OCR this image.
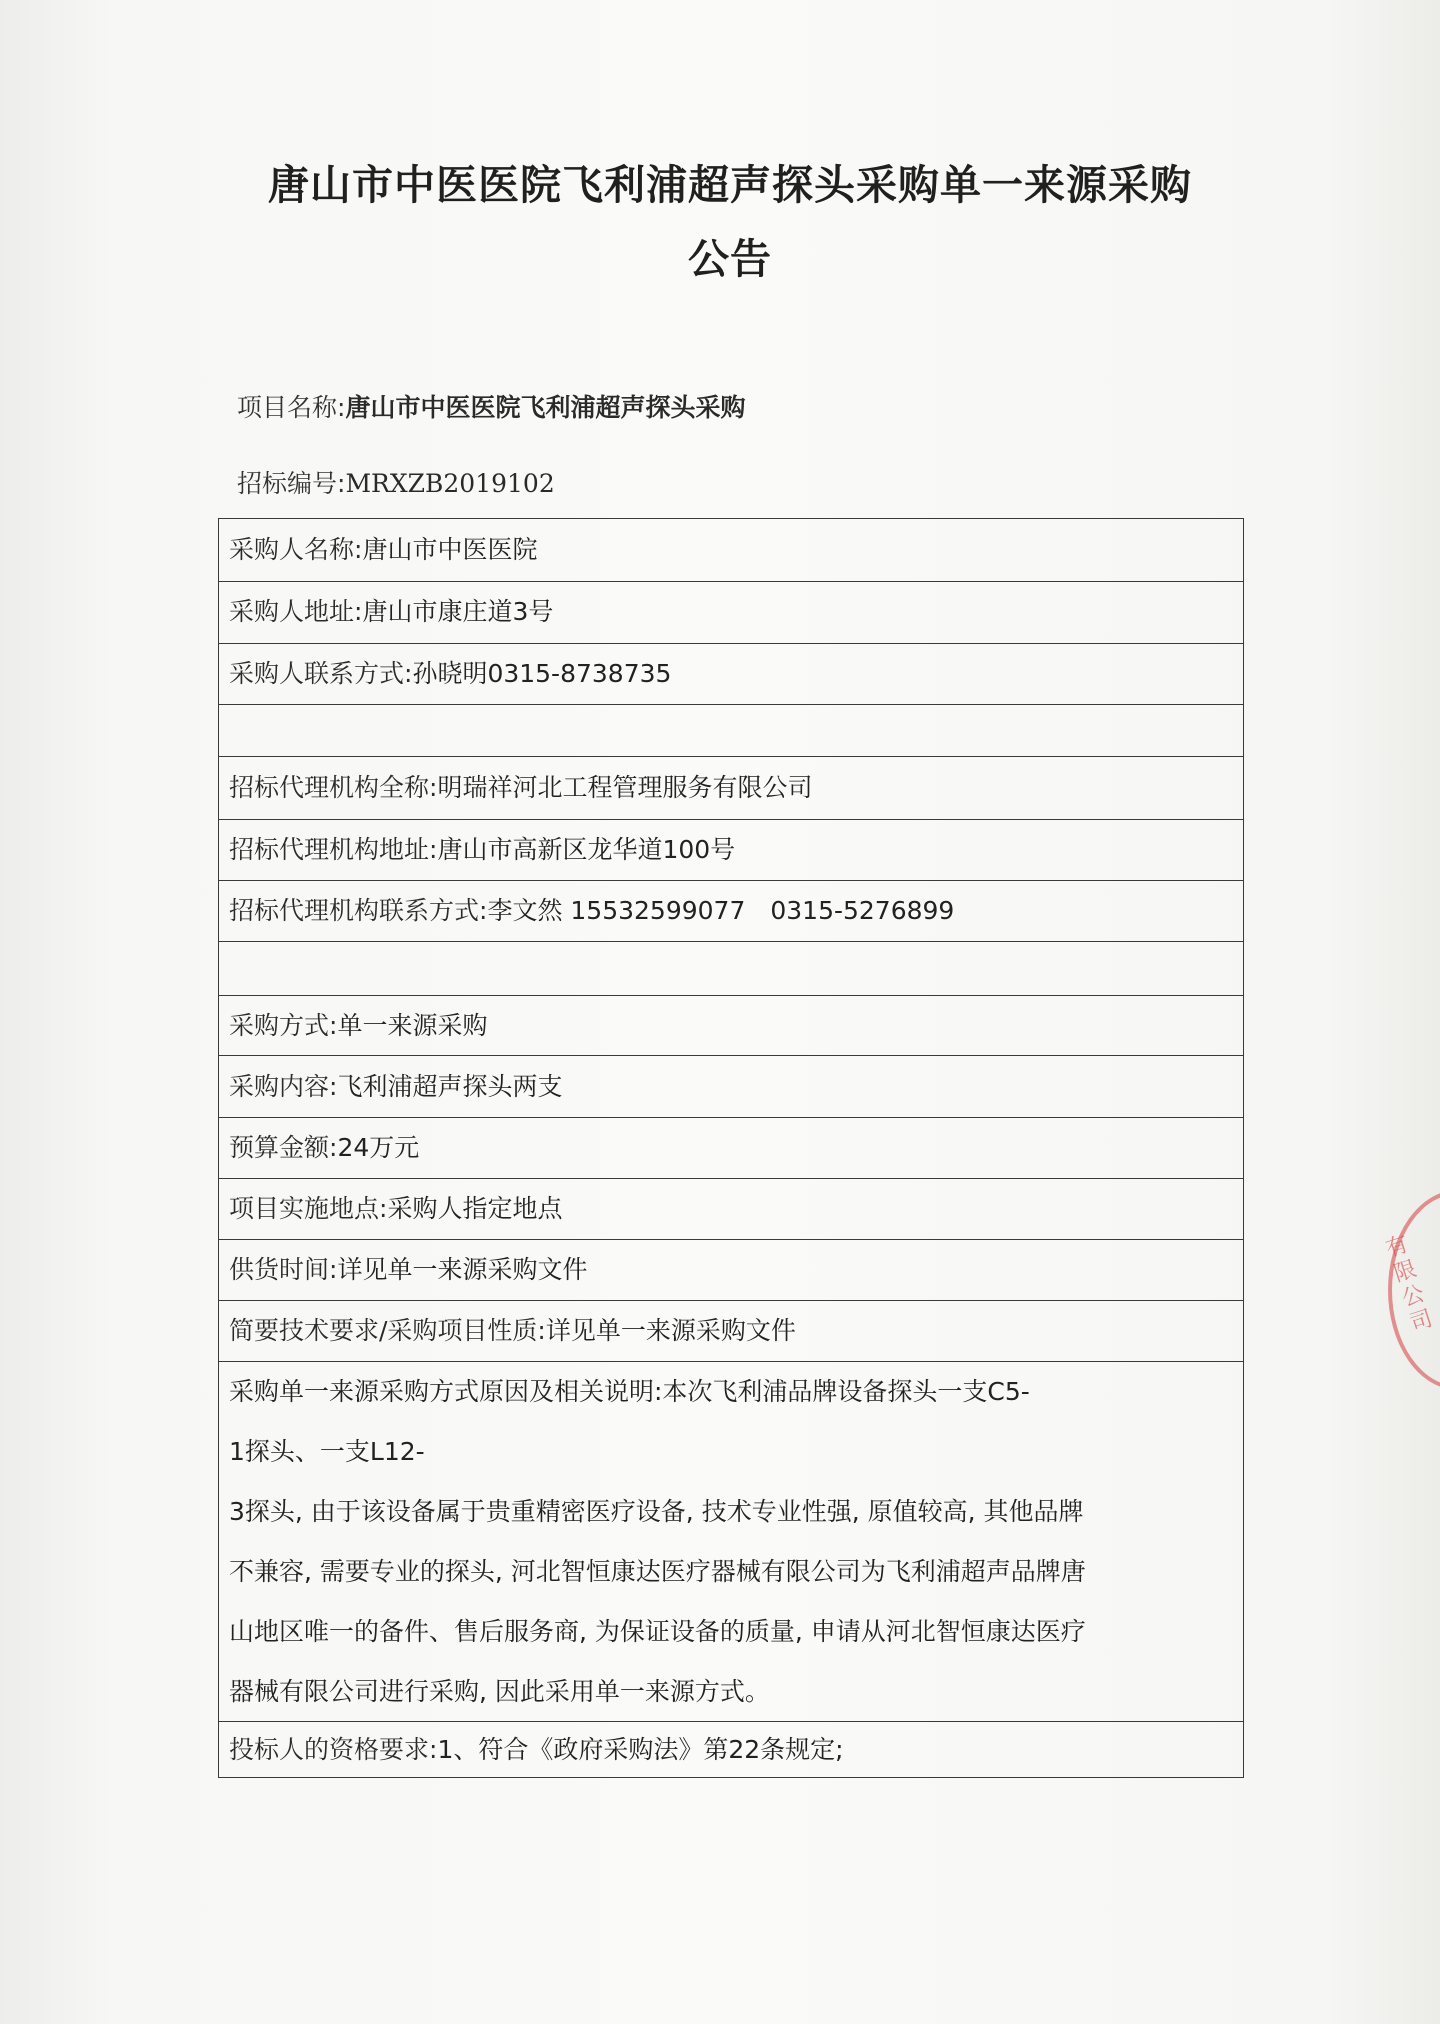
唐山市中医医院飞利浦超声探头采购单一来源采购
公告
项目名称:唐山市中医医院飞利浦超声探头采购
招标编号:MRXZB2019102
采购人名称:唐山市中医医院
采购人地址:唐山市康庄道3号
采购人联系方式:孙晓明0315-8738735
招标代理机构全称:明瑞祥河北工程管理服务有限公司
招标代理机构地址:唐山市高新区龙华道100号
招标代理机构联系方式:李文然 15532599077　0315-5276899
采购方式:单一来源采购
采购内容:飞利浦超声探头两支
预算金额:24万元
项目实施地点:采购人指定地点
供货时间:详见单一来源采购文件
简要技术要求/采购项目性质:详见单一来源采购文件
采购单一来源采购方式原因及相关说明:本次飞利浦品牌设备探头一支C5-
1探头、一支L12-
3探头, 由于该设备属于贵重精密医疗设备, 技术专业性强, 原值较高, 其他品牌
不兼容, 需要专业的探头, 河北智恒康达医疗器械有限公司为飞利浦超声品牌唐
山地区唯一的备件、售后服务商, 为保证设备的质量, 申请从河北智恒康达医疗
器械有限公司进行采购, 因此采用单一来源方式。
投标人的资格要求:1、符合《政府采购法》第22条规定;
有限公司
